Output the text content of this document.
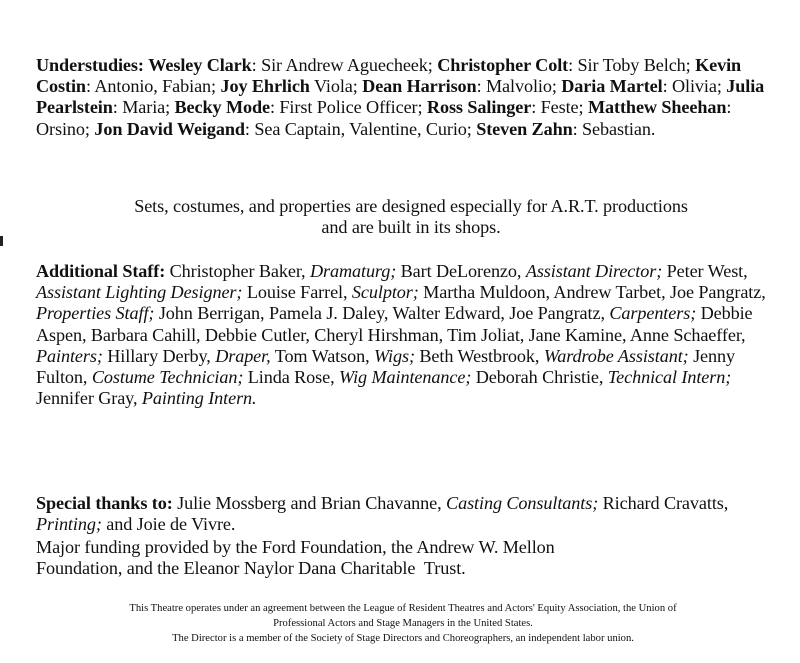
Understudies: Wesley Clark: Sir Andrew Aguecheek; Christopher Colt: Sir Toby Belch; Kevin Costin: Antonio, Fabian; Joy Ehrlich Viola; Dean Harrison: Malvolio; Daria Martel: Olivia; Julia Pearlstein: Maria; Becky Mode: First Police Officer; Ross Salinger: Feste; Matthew Sheehan: Orsino; Jon David Weigand: Sea Captain, Valentine, Curio; Steven Zahn: Sebastian.
Sets, costumes, and properties are designed especially for A.R.T. productions
and are built in its shops.
Additional Staff: Christopher Baker, Dramaturg; Bart DeLorenzo, Assistant Director; Peter West, Assistant Lighting Designer; Louise Farrel, Sculptor; Martha Muldoon, Andrew Tarbet, Joe Pangratz, Properties Staff; John Berrigan, Pamela J. Daley, Walter Edward, Joe Pangratz, Carpenters; Debbie Aspen, Barbara Cahill, Debbie Cutler, Cheryl Hirshman, Tim Joliat, Jane Kamine, Anne Schaeffer, Painters; Hillary Derby, Draper, Tom Watson, Wigs; Beth Westbrook, Wardrobe Assistant; Jenny Fulton, Costume Technician; Linda Rose, Wig Maintenance; Deborah Christie, Technical Intern; Jennifer Gray, Painting Intern.
Special thanks to: Julie Mossberg and Brian Chavanne, Casting Consultants; Richard Cravatts, Printing; and Joie de Vivre.
Major funding provided by the Ford Foundation, the Andrew W. Mellon
Foundation, and the Eleanor Naylor Dana Charitable  Trust.
This Theatre operates under an agreement between the League of Resident Theatres and Actors' Equity Association, the Union of
Professional Actors and Stage Managers in the United States.
The Director is a member of the Society of Stage Directors and Choreographers, an independent labor union.
